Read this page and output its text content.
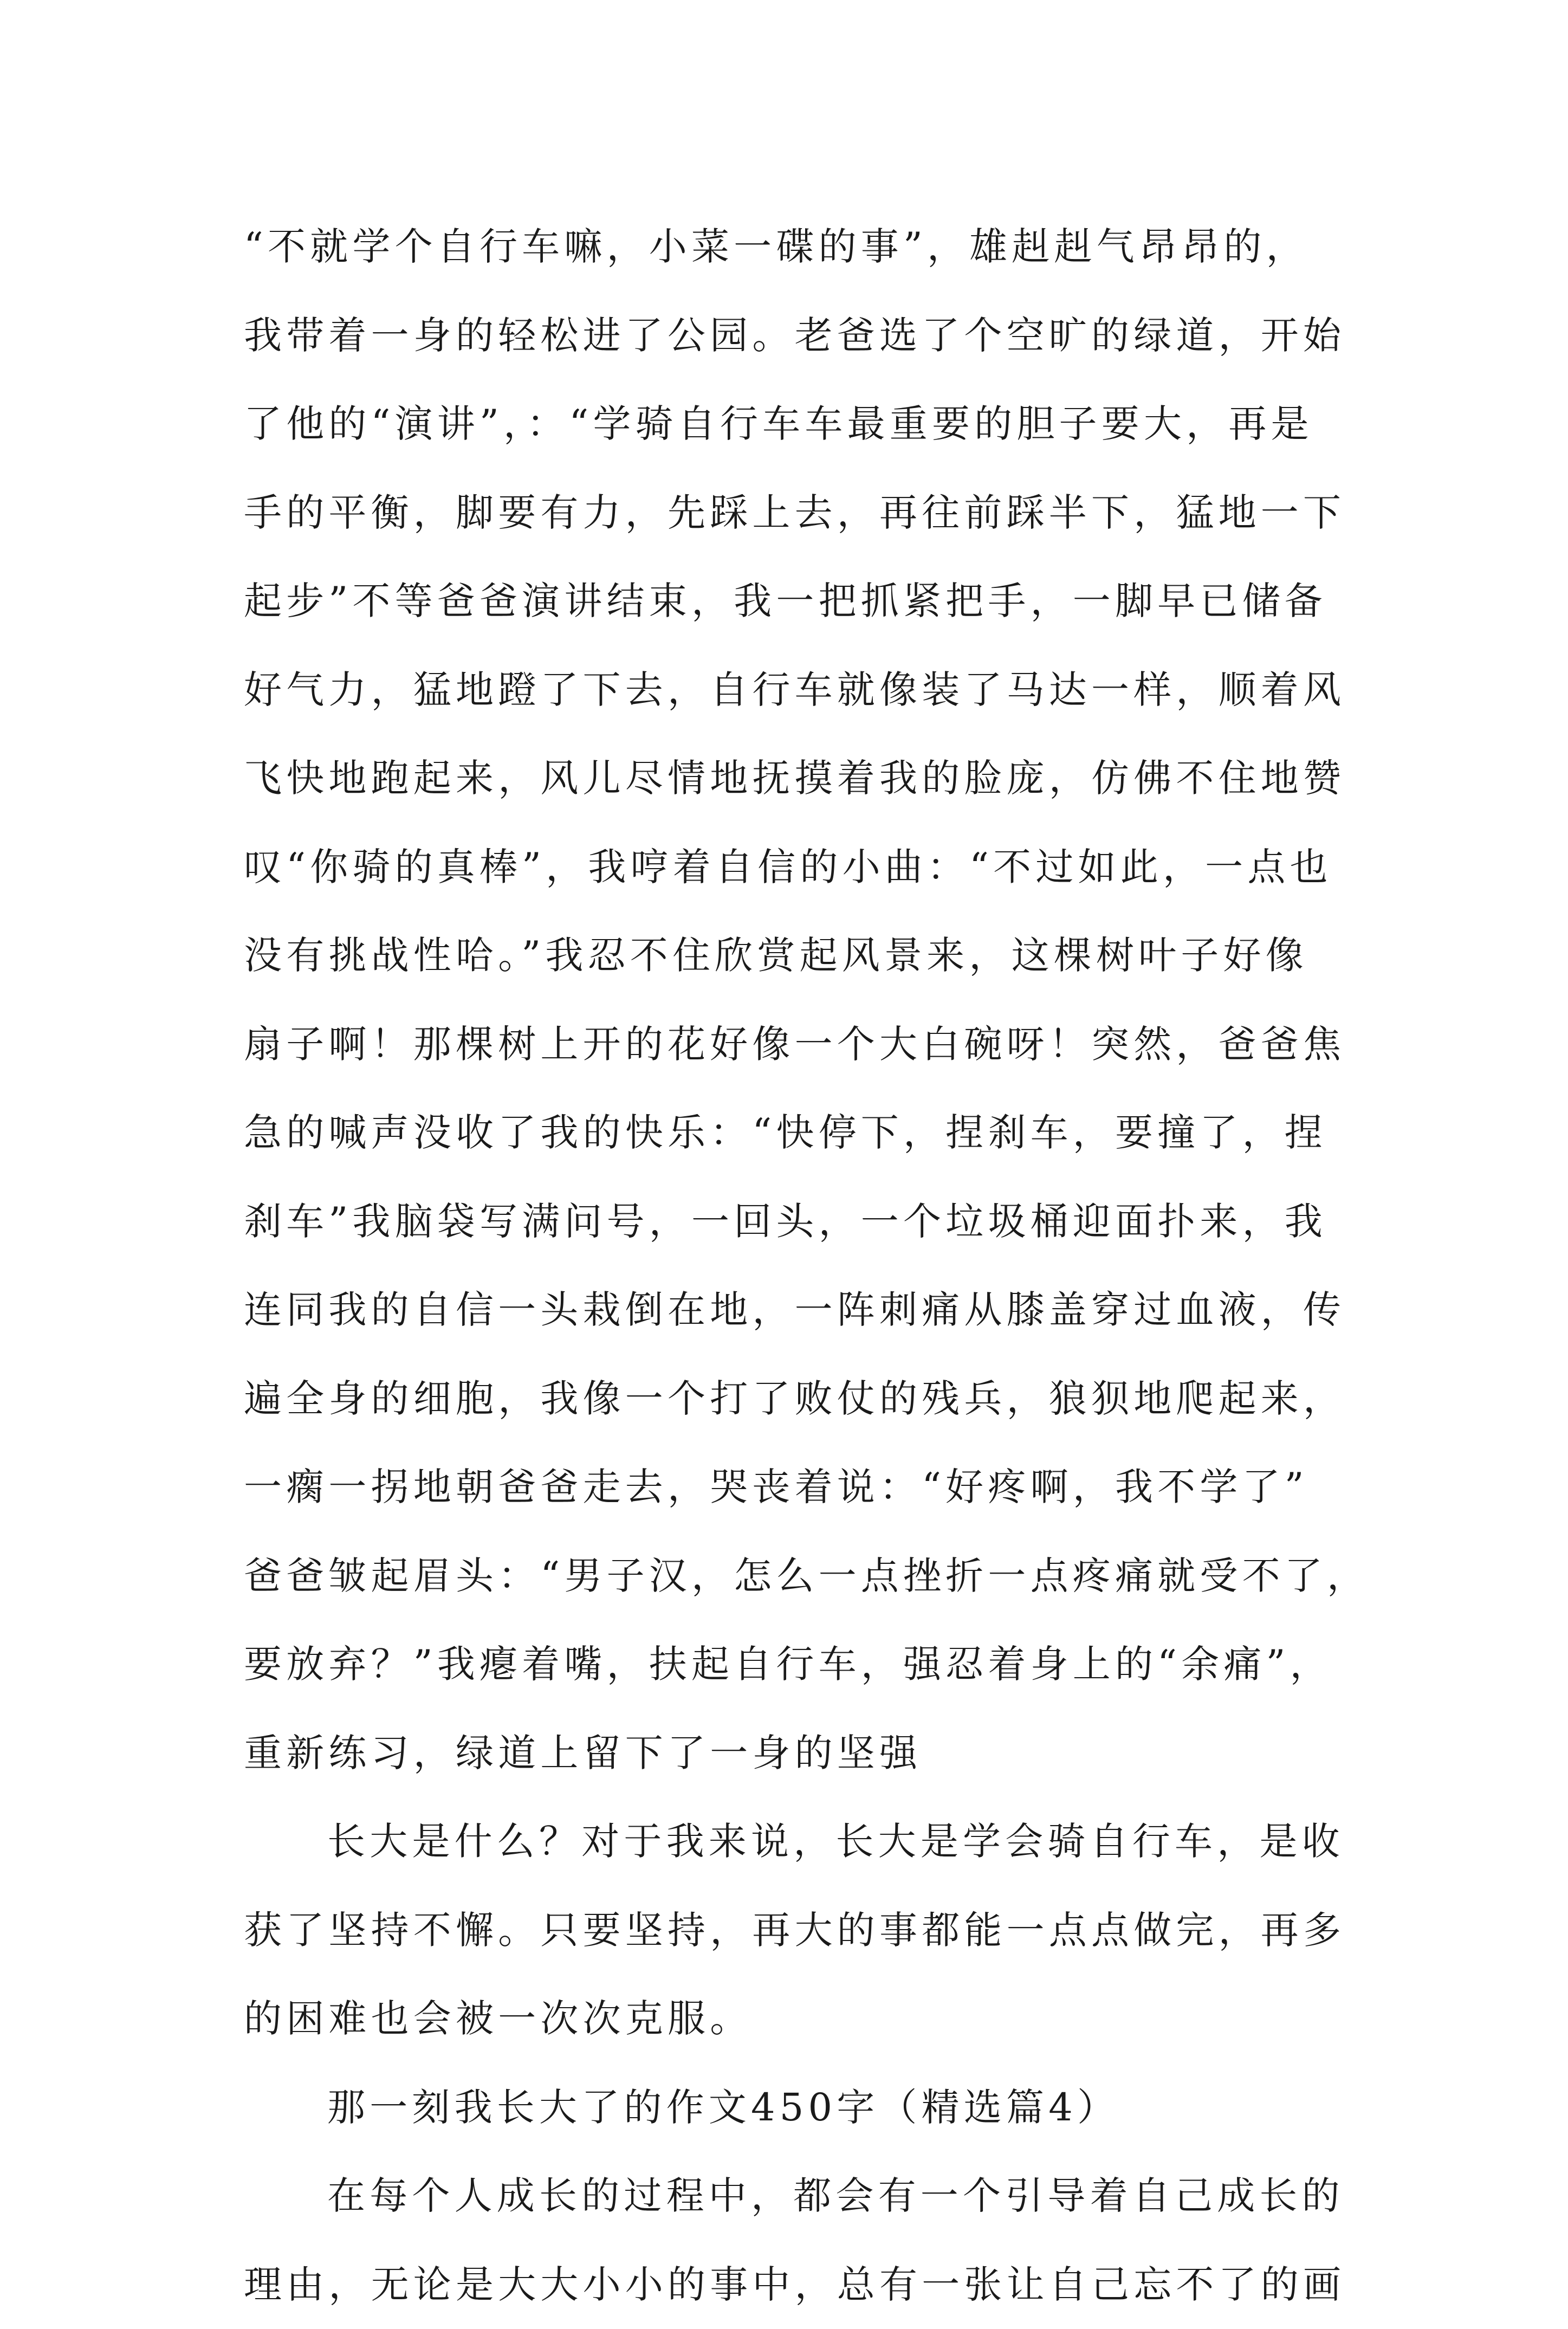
“不就学个自行车嘛，小菜一碟的事”，雄赳赳气昂昂的，
我带着一身的轻松进了公园。老爸选了个空旷的绿道，开始
了他的“演讲”，：“学骑自行车车最重要的胆子要大，再是
手的平衡，脚要有力，先踩上去，再往前踩半下，猛地一下
起步”不等爸爸演讲结束，我一把抓紧把手，一脚早已储备
好气力，猛地蹬了下去，自行车就像装了马达一样，顺着风
飞快地跑起来，风儿尽情地抚摸着我的脸庞，仿佛不住地赞
叹“你骑的真棒”，我哼着自信的小曲：“不过如此，一点也
没有挑战性哈。”我忍不住欣赏起风景来，这棵树叶子好像
扇子啊！那棵树上开的花好像一个大白碗呀！突然，爸爸焦
急的喊声没收了我的快乐：“快停下，捏刹车，要撞了，捏
刹车”我脑袋写满问号，一回头，一个垃圾桶迎面扑来，我
连同我的自信一头栽倒在地，一阵刺痛从膝盖穿过血液，传
遍全身的细胞，我像一个打了败仗的残兵，狼狈地爬起来，
一瘸一拐地朝爸爸走去，哭丧着说：“好疼啊，我不学了”
爸爸皱起眉头：“男子汉，怎么一点挫折一点疼痛就受不了，
要放弃？”我瘪着嘴，扶起自行车，强忍着身上的“余痛”，
重新练习，绿道上留下了一身的坚强
长大是什么？对于我来说，长大是学会骑自行车，是收
获了坚持不懈。只要坚持，再大的事都能一点点做完，再多
的困难也会被一次次克服。
那一刻我长大了的作文450字（精选篇4）
在每个人成长的过程中，都会有一个引导着自己成长的
理由，无论是大大小小的事中，总有一张让自己忘不了的画
